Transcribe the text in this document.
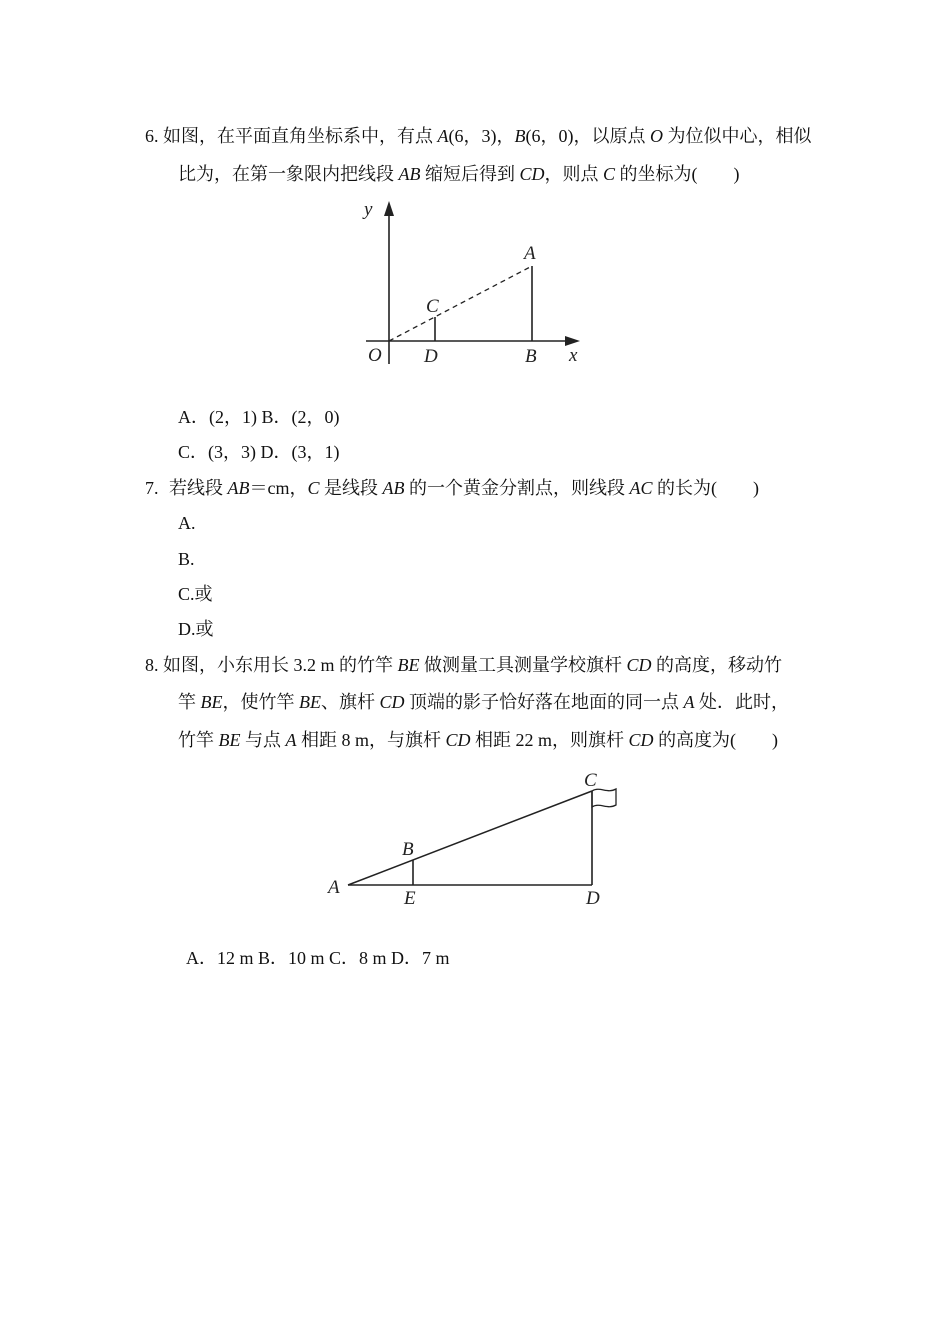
6. 如图，在平面直角坐标系中，有点 A(6，3)，B(6，0)，以原点 O 为位似中心，相似
比为，在第一象限内把线段 AB 缩短后得到 CD，则点 C 的坐标为(　　)
y
x
O
A
B
C
D
A．(2，1) B．(2，0)
C．(3，3) D．(3，1)
7. 若线段 AB＝cm，C 是线段 AB 的一个黄金分割点，则线段 AC 的长为(　　)
A.
B.
C.或
D.或
8. 如图，小东用长 3.2 m 的竹竿 BE 做测量工具测量学校旗杆 CD 的高度，移动竹
竿 BE，使竹竿 BE、旗杆 CD 顶端的影子恰好落在地面的同一点 A 处．此时，
竹竿 BE 与点 A 相距 8 m，与旗杆 CD 相距 22 m，则旗杆 CD 的高度为(　　)
A
B
C
D
E
A．12 m B．10 m C．8 m D．7 m
